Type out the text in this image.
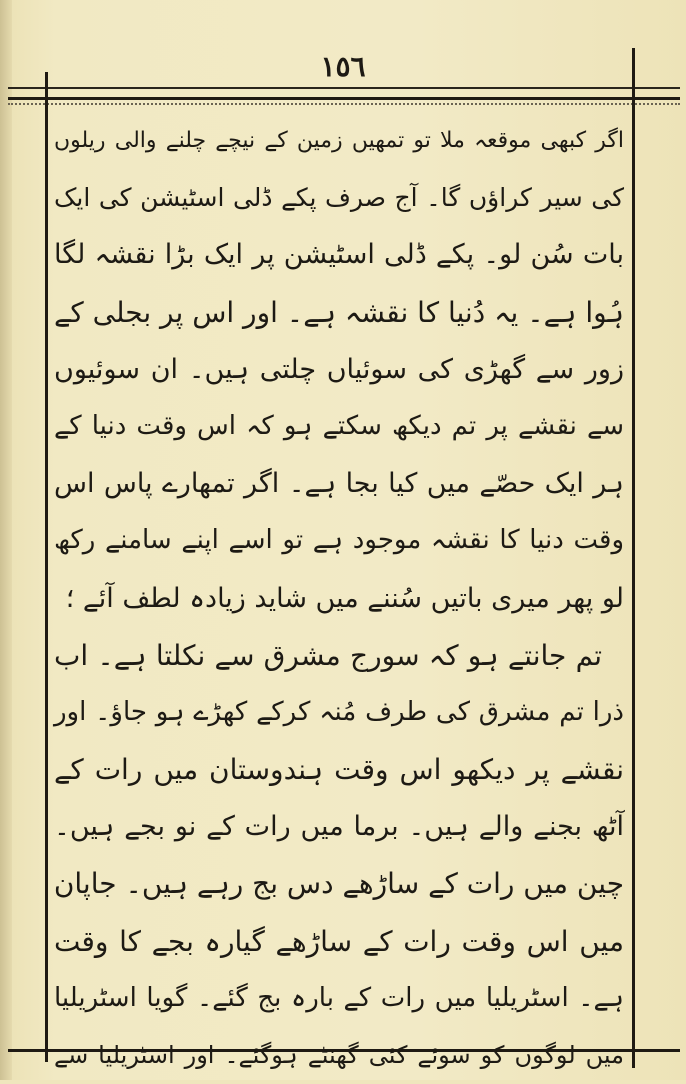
١٥٦
اگر کبھی موقعہ ملا تو تمھیں زمین کے نیچے چلنے والی ریلوں
کی سیر کراؤں گا۔ آج صرف پکے ڈلی اسٹیشن کی ایک
بات سُن لو۔ پکے ڈلی اسٹیشن پر ایک بڑا نقشہ لگا
ہُوا ہے۔ یہ دُنیا کا نقشہ ہے۔ اور اس پر بجلی کے
زور سے گھڑی کی سوئیاں چلتی ہیں۔ ان سوئیوں
سے نقشے پر تم دیکھ سکتے ہو کہ اس وقت دنیا کے
ہر ایک حصّے میں کیا بجا ہے۔ اگر تمھارے پاس اس
وقت دنیا کا نقشہ موجود ہے تو اسے اپنے سامنے رکھ
لو پھر میری باتیں سُننے میں شاید زیادہ لطف آئے ؛
تم جانتے ہو کہ سورج مشرق سے نکلتا ہے۔ اب
ذرا تم مشرق کی طرف مُنہ کرکے کھڑے ہو جاؤ۔ اور
نقشے پر دیکھو اس وقت ہندوستان میں رات کے
آٹھ بجنے والے ہیں۔ برما میں رات کے نو بجے ہیں۔
چین میں رات کے ساڑھے دس بج رہے ہیں۔ جاپان
میں اس وقت رات کے ساڑھے گیارہ بجے کا وقت
ہے۔ اسٹریلیا میں رات کے بارہ بج گئے۔ گویا اسٹریلیا
میں لوگوں کو سوئے کئی گھنٹے ہوگئے۔ اور اسٹریلیا سے
